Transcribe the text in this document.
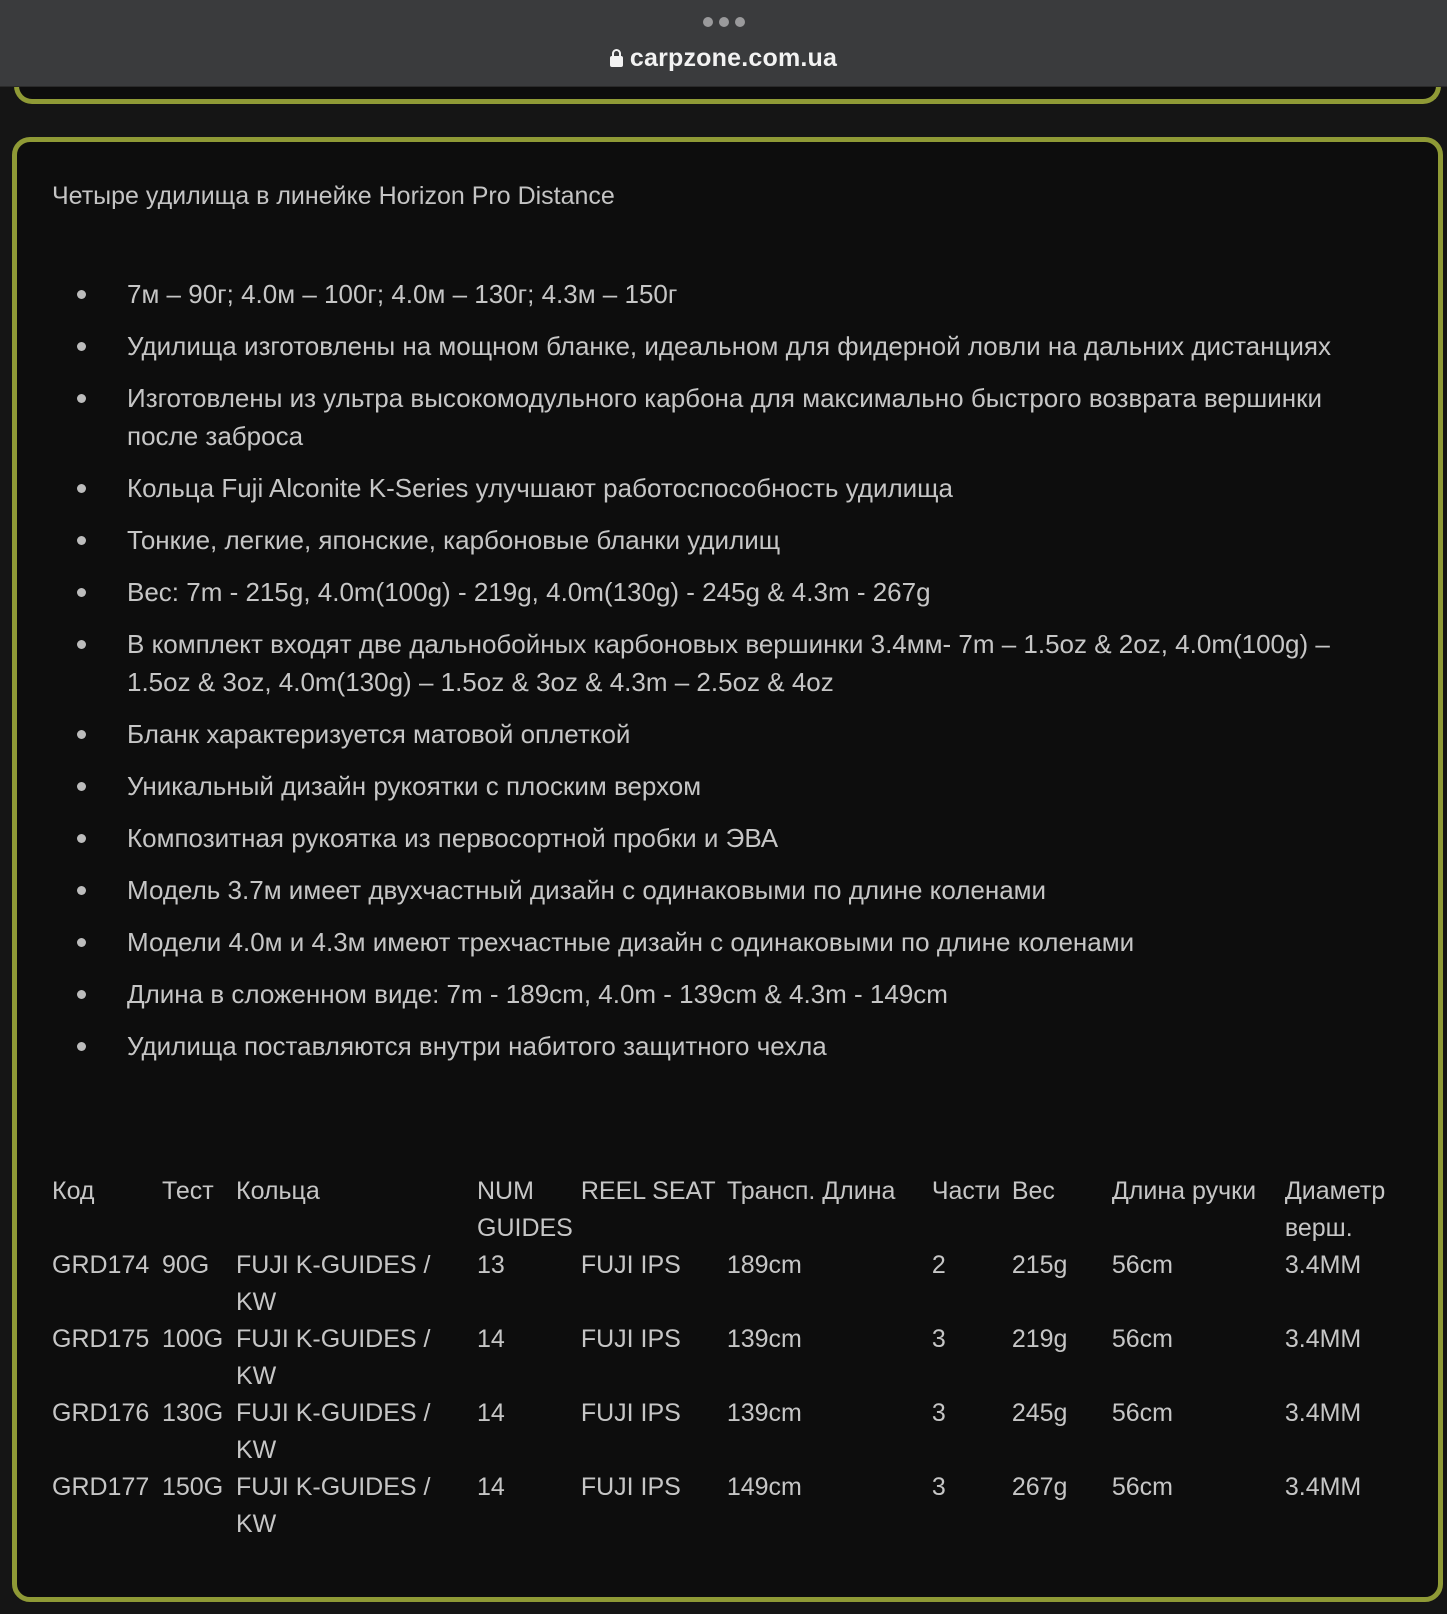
carpzone.com.ua

Четыре удилища в линейке Horizon Pro Distance

7м – 90г; 4.0м – 100г; 4.0м – 130г; 4.3м – 150г
Удилища изготовлены на мощном бланке, идеальном для фидерной ловли на дальних дистанциях
Изготовлены из ультра высокомодульного карбона для максимально быстрого возврата вершинки после заброса
Кольца Fuji Alconite K-Series улучшают работоспособность удилища
Тонкие, легкие, японские, карбоновые бланки удилищ
Вес: 7m - 215g, 4.0m(100g) - 219g, 4.0m(130g) - 245g & 4.3m - 267g
В комплект входят две дальнобойных карбоновых вершинки 3.4мм- 7m – 1.5oz & 2oz, 4.0m(100g) – 1.5oz & 3oz, 4.0m(130g) – 1.5oz & 3oz & 4.3m – 2.5oz & 4oz
Бланк характеризуется матовой оплеткой
Уникальный дизайн рукоятки с плоским верхом
Композитная рукоятка из первосортной пробки и ЭВА
Модель 3.7м имеет двухчастный дизайн с одинаковыми по длине коленами
Модели 4.0м и 4.3м имеют трехчастные дизайн с одинаковыми по длине коленами
Длина в сложенном виде: 7m - 189cm, 4.0m - 139cm & 4.3m - 149cm
Удилища поставляются внутри набитого защитного чехла
Код	Тест	Кольца	NUM GUIDES	REEL SEAT	Трансп. Длина	Части	Вес	Длина ручки	Диаметр верш.
GRD174	90G	FUJI K-GUIDES / KW	13	FUJI IPS	189cm	2	215g	56cm	3.4MM
GRD175	100G	FUJI K-GUIDES / KW	14	FUJI IPS	139cm	3	219g	56cm	3.4MM
GRD176	130G	FUJI K-GUIDES / KW	14	FUJI IPS	139cm	3	245g	56cm	3.4MM
GRD177	150G	FUJI K-GUIDES / KW	14	FUJI IPS	149cm	3	267g	56cm	3.4MM
